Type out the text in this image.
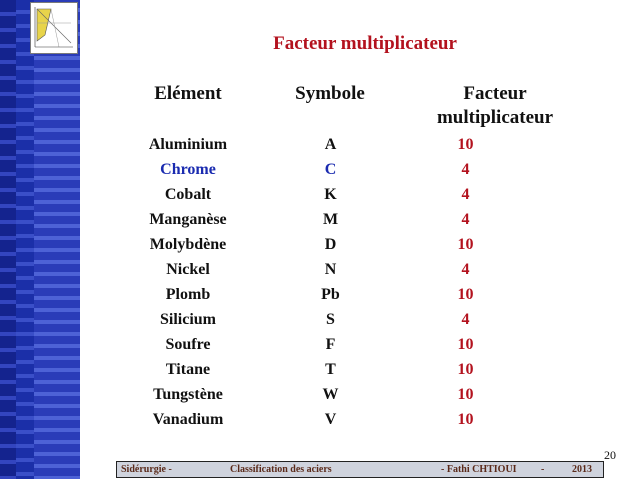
Facteur multiplicateur
Elément	Symbole	Facteur
multiplicateur
Aluminium	A	10
Chrome	C	4
Cobalt	K	4
Manganèse	M	4
Molybdène	D	10
Nickel	N	4
Plomb	Pb	10
Silicium	S	4
Soufre	F	10
Titane	T	10
Tungstène	W	10
Vanadium	V	10
20
Sidérurgie -	Classification des aciers	- Fathi CHTIOUI -	2013
